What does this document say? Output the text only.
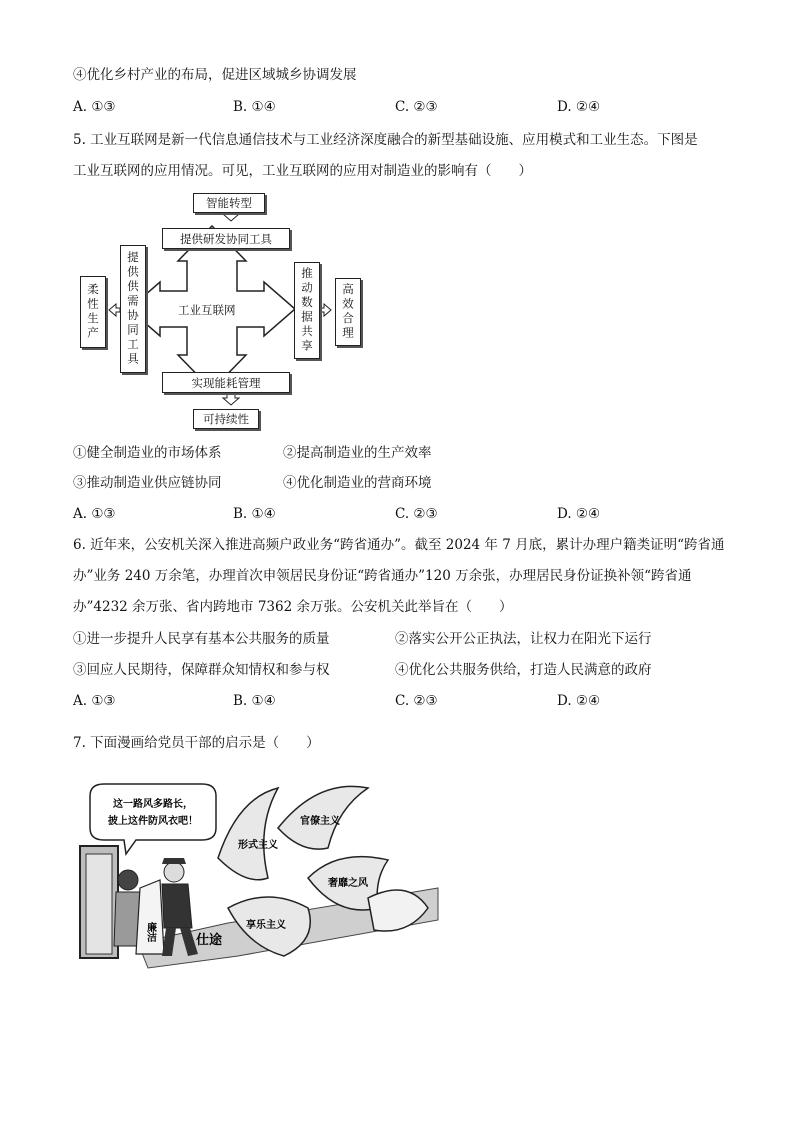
④优化乡村产业的布局，促进区域城乡协调发展
A. ①③	B. ①④	C. ②③	D. ②④
5. 工业互联网是新一代信息通信技术与工业经济深度融合的新型基础设施、应用模式和工业生态。下图是
工业互联网的应用情况。可见，工业互联网的应用对制造业的影响有（　　）
智能转型
提供研发协同工具
柔性生产	提供供需协同工具	工业互联网	推动数据共享	高效合理
实现能耗管理
可持续性
①健全制造业的市场体系	②提高制造业的生产效率
③推动制造业供应链协同	④优化制造业的营商环境
A. ①③	B. ①④	C. ②③	D. ②④
6. 近年来，公安机关深入推进高频户政业务“跨省通办”。截至 2024 年 7 月底，累计办理户籍类证明“跨省通办”业务 240 万余笔，办理首次申领居民身份证“跨省通办”120 万余张，办理居民身份证换补领“跨省通办”4232 余万张、省内跨地市 7362 余万张。公安机关此举旨在（　　）
①进一步提升人民享有基本公共服务的质量	②落实公开公正执法，让权力在阳光下运行
③回应人民期待，保障群众知情权和参与权	④优化公共服务供给，打造人民满意的政府
A. ①③	B. ①④	C. ②③	D. ②④
7. 下面漫画给党员干部的启示是（　　）
这一路风多路长，
披上这件防风衣吧！
廉洁	仕途
形式主义
官僚主义
奢靡之风
享乐主义
